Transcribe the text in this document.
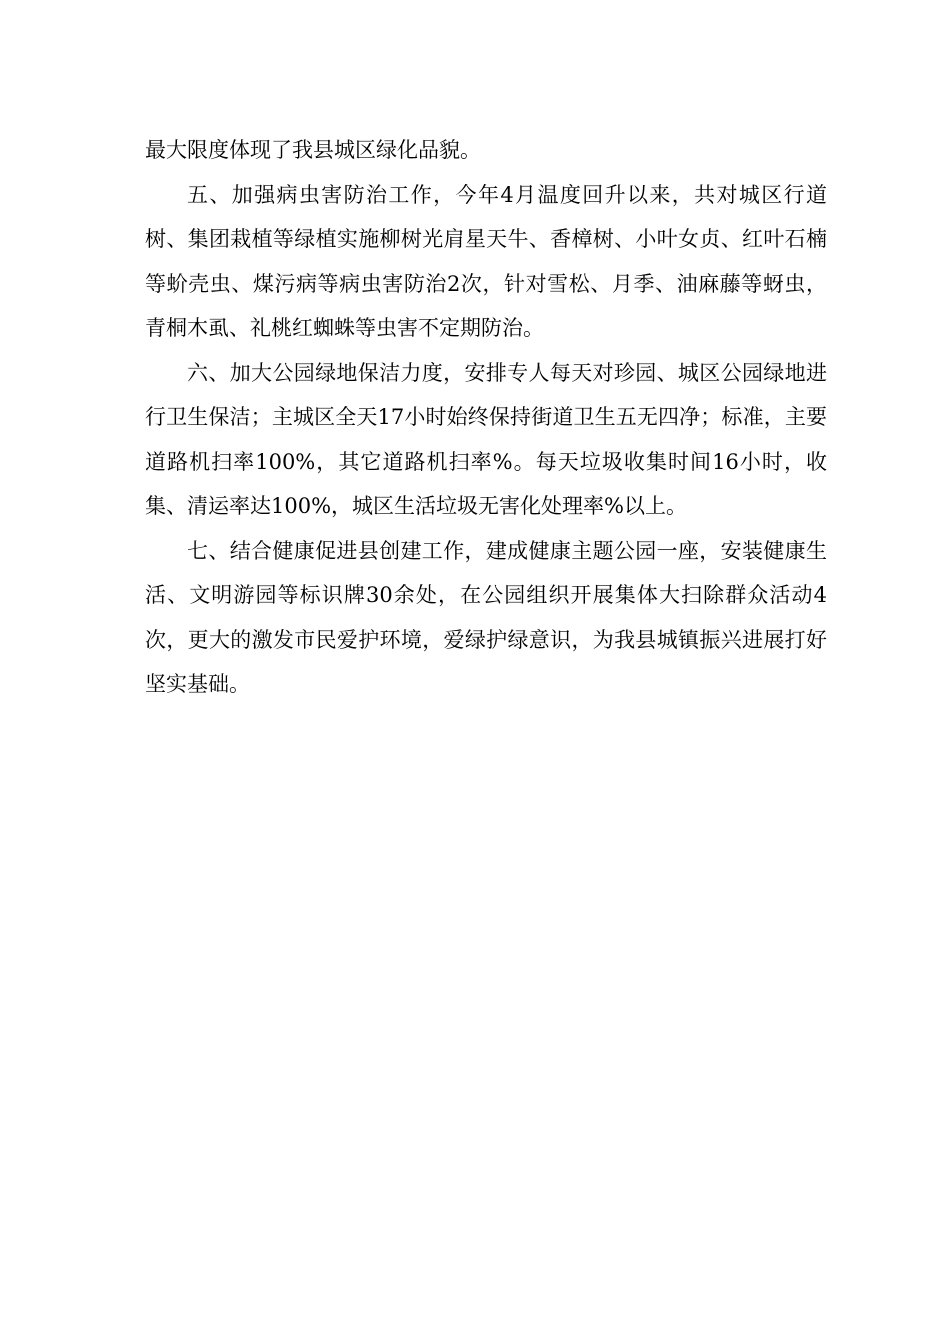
最大限度体现了我县城区绿化品貌。

五、加强病虫害防治工作，今年4月温度回升以来，共对城区行道树、集团栽植等绿植实施柳树光肩星天牛、香樟树、小叶女贞、红叶石楠等蚧壳虫、煤污病等病虫害防治2次，针对雪松、月季、油麻藤等蚜虫，青桐木虱、礼桃红蜘蛛等虫害不定期防治。

六、加大公园绿地保洁力度，安排专人每天对珍园、城区公园绿地进行卫生保洁；主城区全天17小时始终保持街道卫生五无四净；标准，主要道路机扫率100%，其它道路机扫率%。每天垃圾收集时间16小时，收集、清运率达100%，城区生活垃圾无害化处理率%以上。

七、结合健康促进县创建工作，建成健康主题公园一座，安装健康生活、文明游园等标识牌30余处，在公园组织开展集体大扫除群众活动4次，更大的激发市民爱护环境，爱绿护绿意识，为我县城镇振兴进展打好坚实基础。
